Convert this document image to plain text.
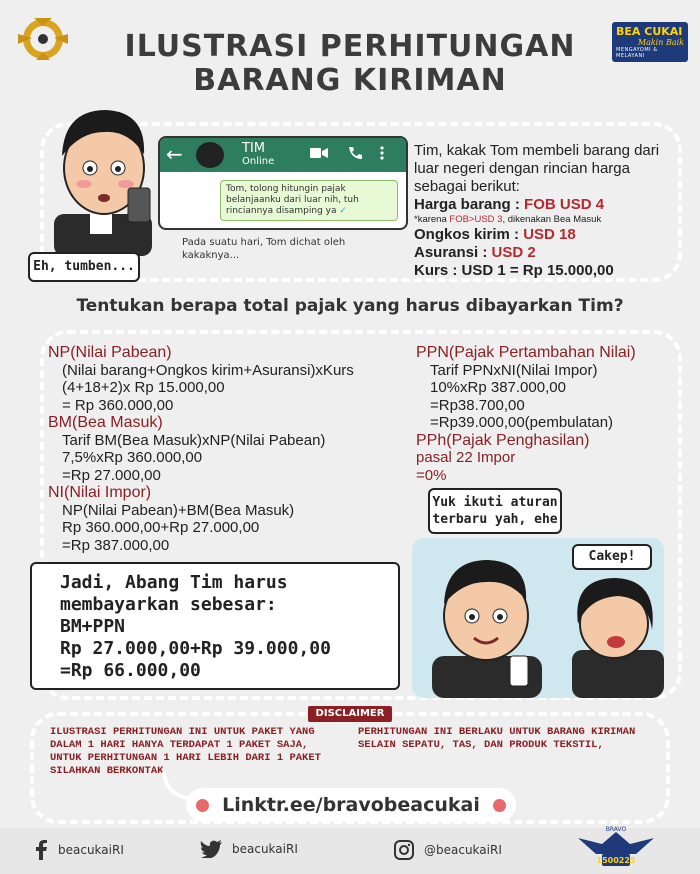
ILUSTRASI PERHITUNGAN
BARANG KIRIMAN
BEA CUKAI
Makin Baik
MENGAYOMI & MELAYANI
←	TIM
Online
Tom, tolong hitungin pajak belanjaanku dari luar nih, tuh rinciannya disamping ya ✓
Pada suatu hari, Tom dichat oleh kakaknya...
Eh, tumben...
Tim, kakak Tom membeli barang dari luar negeri dengan rincian harga sebagai berikut:
Harga barang : FOB USD 4
*karena FOB>USD 3, dikenakan Bea Masuk
Ongkos kirim : USD 18
Asuransi : USD 2
Kurs : USD 1 = Rp 15.000,00
Tentukan berapa total pajak yang harus dibayarkan Tim?
NP(Nilai Pabean)
(Nilai barang+Ongkos kirim+Asuransi)xKurs
(4+18+2)x Rp 15.000,00
= Rp 360.000,00
BM(Bea Masuk)
Tarif BM(Bea Masuk)xNP(Nilai Pabean)
7,5%xRp 360.000,00
=Rp 27.000,00
NI(Nilai Impor)
NP(Nilai Pabean)+BM(Bea Masuk)
Rp 360.000,00+Rp 27.000,00
=Rp 387.000,00
PPN(Pajak Pertambahan Nilai)
Tarif PPNxNI(Nilai Impor)
10%xRp 387.000,00
=Rp38.700,00
=Rp39.000,00(pembulatan)
PPh(Pajak Penghasilan)
pasal 22 Impor
=0%
Jadi, Abang Tim harus
membayarkan sebesar:
BM+PPN
Rp 27.000,00+Rp 39.000,00
=Rp 66.000,00
Yuk ikuti aturan terbaru yah, ehe
Cakep!
DISCLAIMER
ILUSTRASI PERHITUNGAN INI UNTUK PAKET YANG DALAM 1 HARI HANYA TERDAPAT 1 PAKET SAJA, UNTUK PERHITUNGAN 1 HARI LEBIH DARI 1 PAKET SILAHKAN BERKONTAK
PERHITUNGAN INI BERLAKU UNTUK BARANG KIRIMAN SELAIN SEPATU, TAS, DAN PRODUK TEKSTIL,
Linktr.ee/bravobeacukai
beacukaiRI	beacukaiRI	@beacukaiRI
BRAVO
1500225
